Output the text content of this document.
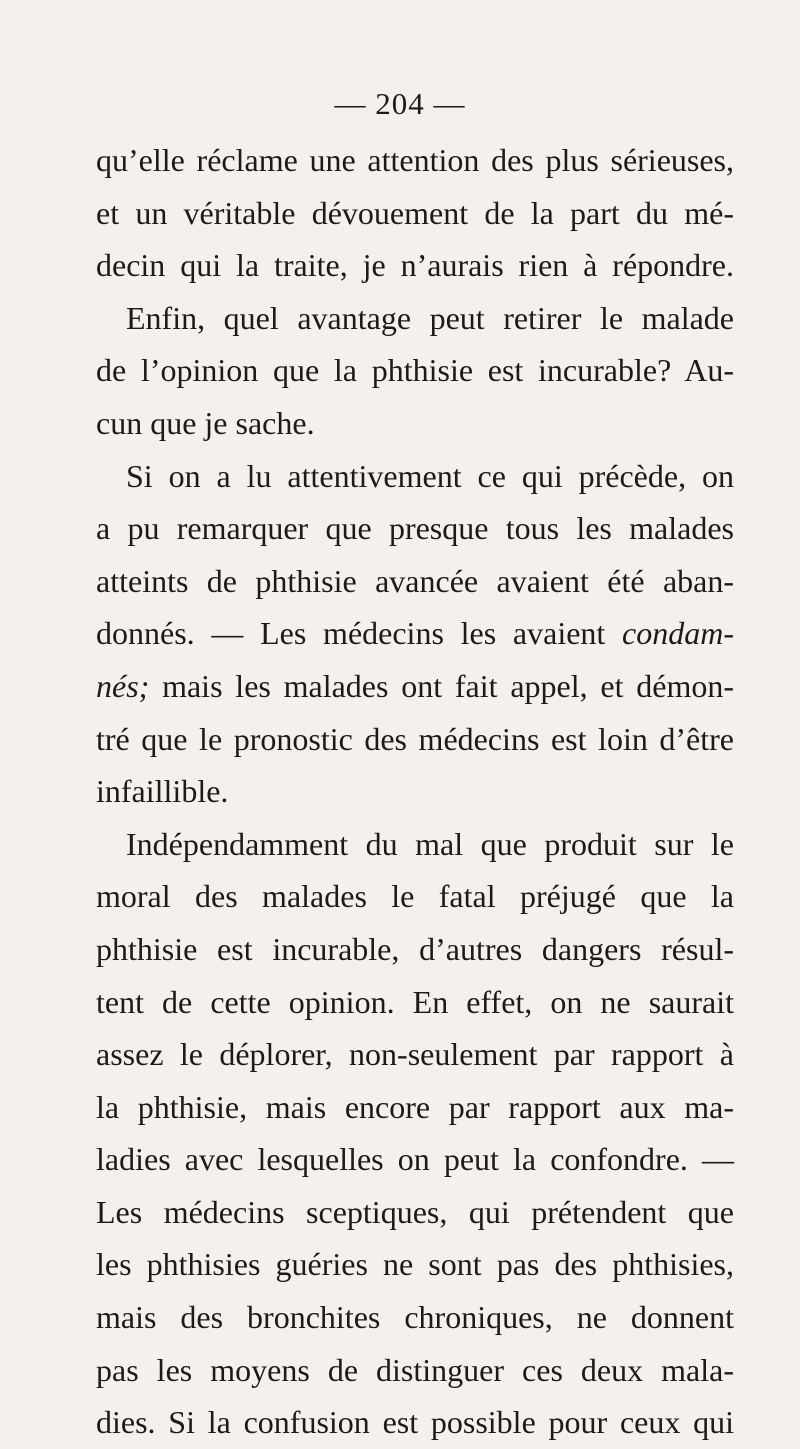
— 204 —
qu’elle réclame une attention des plus sérieuses,
et un véritable dévouement de la part du mé-
decin qui la traite, je n’aurais rien à répondre.
Enfin, quel avantage peut retirer le malade
de l’opinion que la phthisie est incurable? Au-
cun que je sache.
Si on a lu attentivement ce qui précède, on
a pu remarquer que presque tous les malades
atteints de phthisie avancée avaient été aban-
donnés. — Les médecins les avaient condam-
nés; mais les malades ont fait appel, et démon-
tré que le pronostic des médecins est loin d’être
infaillible.
Indépendamment du mal que produit sur le
moral des malades le fatal préjugé que la
phthisie est incurable, d’autres dangers résul-
tent de cette opinion. En effet, on ne saurait
assez le déplorer, non-seulement par rapport à
la phthisie, mais encore par rapport aux ma-
ladies avec lesquelles on peut la confondre. —
Les médecins sceptiques, qui prétendent que
les phthisies guéries ne sont pas des phthisies,
mais des bronchites chroniques, ne donnent
pas les moyens de distinguer ces deux mala-
dies. Si la confusion est possible pour ceux qui
